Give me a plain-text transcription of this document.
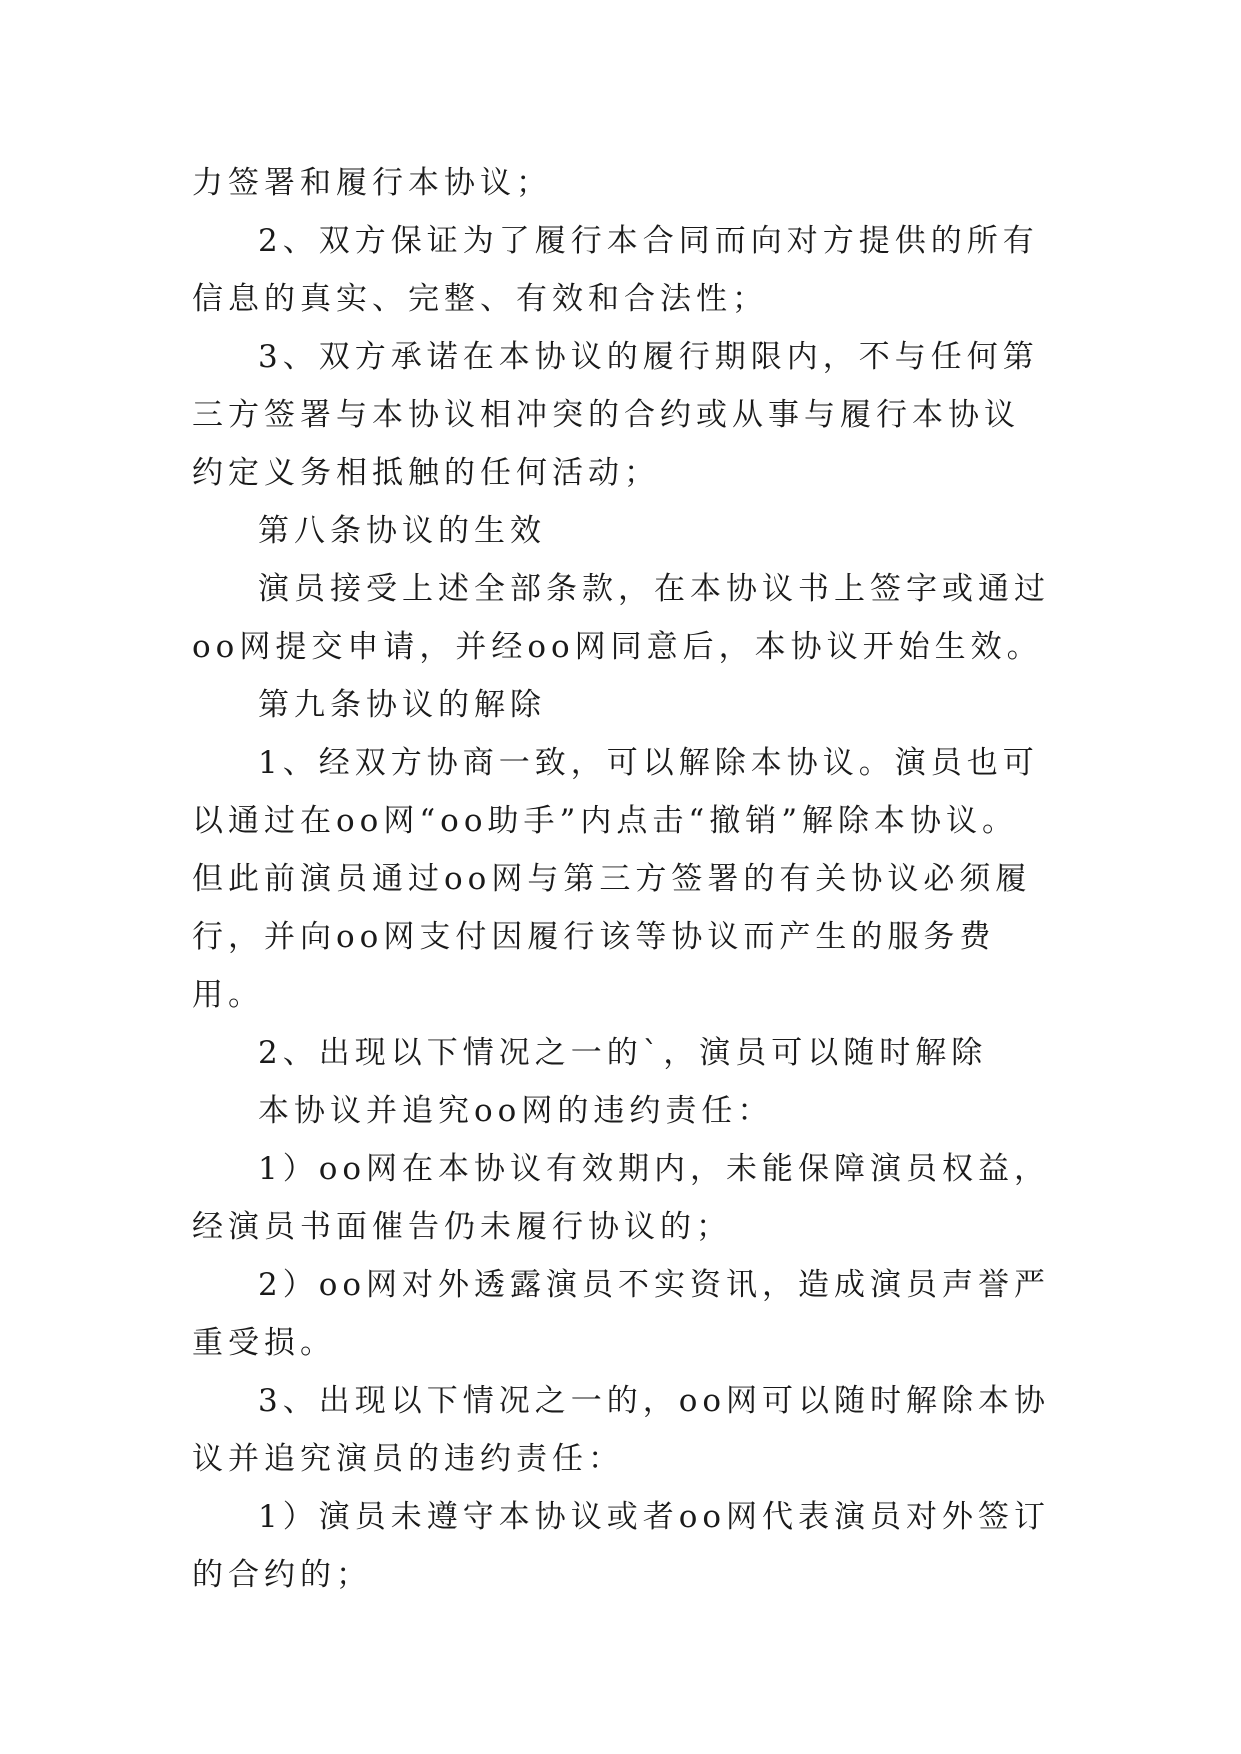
力签署和履行本协议；

2、双方保证为了履行本合同而向对方提供的所有信息的真实、完整、有效和合法性；

3、双方承诺在本协议的履行期限内，不与任何第三方签署与本协议相冲突的合约或从事与履行本协议约定义务相抵触的任何活动；

第八条协议的生效

演员接受上述全部条款，在本协议书上签字或通过oo网提交申请，并经oo网同意后，本协议开始生效。

第九条协议的解除

1、经双方协商一致，可以解除本协议。演员也可以通过在oo网“oo助手”内点击“撤销”解除本协议。但此前演员通过oo网与第三方签署的有关协议必须履行，并向oo网支付因履行该等协议而产生的服务费用。

2、出现以下情况之一的`，演员可以随时解除

本协议并追究oo网的违约责任：

1）oo网在本协议有效期内，未能保障演员权益，经演员书面催告仍未履行协议的；

2）oo网对外透露演员不实资讯，造成演员声誉严重受损。

3、出现以下情况之一的，oo网可以随时解除本协议并追究演员的违约责任：

1）演员未遵守本协议或者oo网代表演员对外签订的合约的；
